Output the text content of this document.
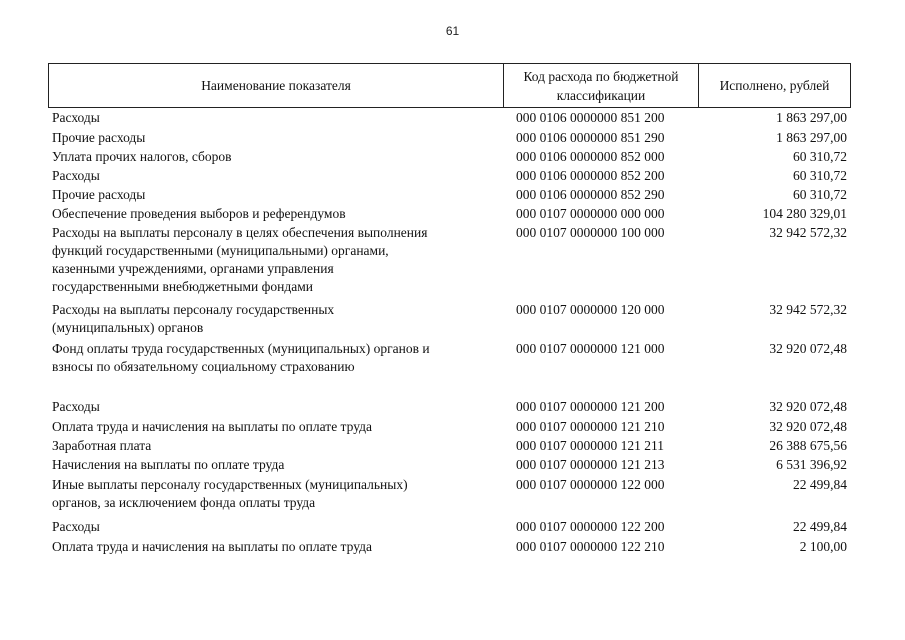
61
Наименование показателя
Код расхода по бюджетной классификации
Исполнено, рублей
Расходы	000 0106 0000000 851 200	1 863 297,00
Прочие расходы	000 0106 0000000 851 290	1 863 297,00
Уплата прочих налогов, сборов	000 0106 0000000 852 000	60 310,72
Расходы	000 0106 0000000 852 200	60 310,72
Прочие расходы	000 0106 0000000 852 290	60 310,72
Обеспечение проведения выборов и референдумов	000 0107 0000000 000 000	104 280 329,01
Расходы на выплаты персоналу в целях обеспечения выполнения
функций государственными (муниципальными) органами,
казенными учреждениями, органами управления
государственными внебюджетными фондами
000 0107 0000000 100 000	32 942 572,32
Расходы на выплаты персоналу государственных
(муниципальных) органов
000 0107 0000000 120 000	32 942 572,32
Фонд оплаты труда государственных (муниципальных) органов и
взносы по обязательному социальному страхованию
000 0107 0000000 121 000	32 920 072,48
Расходы	000 0107 0000000 121 200	32 920 072,48
Оплата труда и начисления на выплаты по оплате труда	000 0107 0000000 121 210	32 920 072,48
Заработная плата	000 0107 0000000 121 211	26 388 675,56
Начисления на выплаты по оплате труда	000 0107 0000000 121 213	6 531 396,92
Иные выплаты персоналу государственных (муниципальных)
органов, за исключением фонда оплаты труда
000 0107 0000000 122 000	22 499,84
Расходы	000 0107 0000000 122 200	22 499,84
Оплата труда и начисления на выплаты по оплате труда	000 0107 0000000 122 210	2 100,00
